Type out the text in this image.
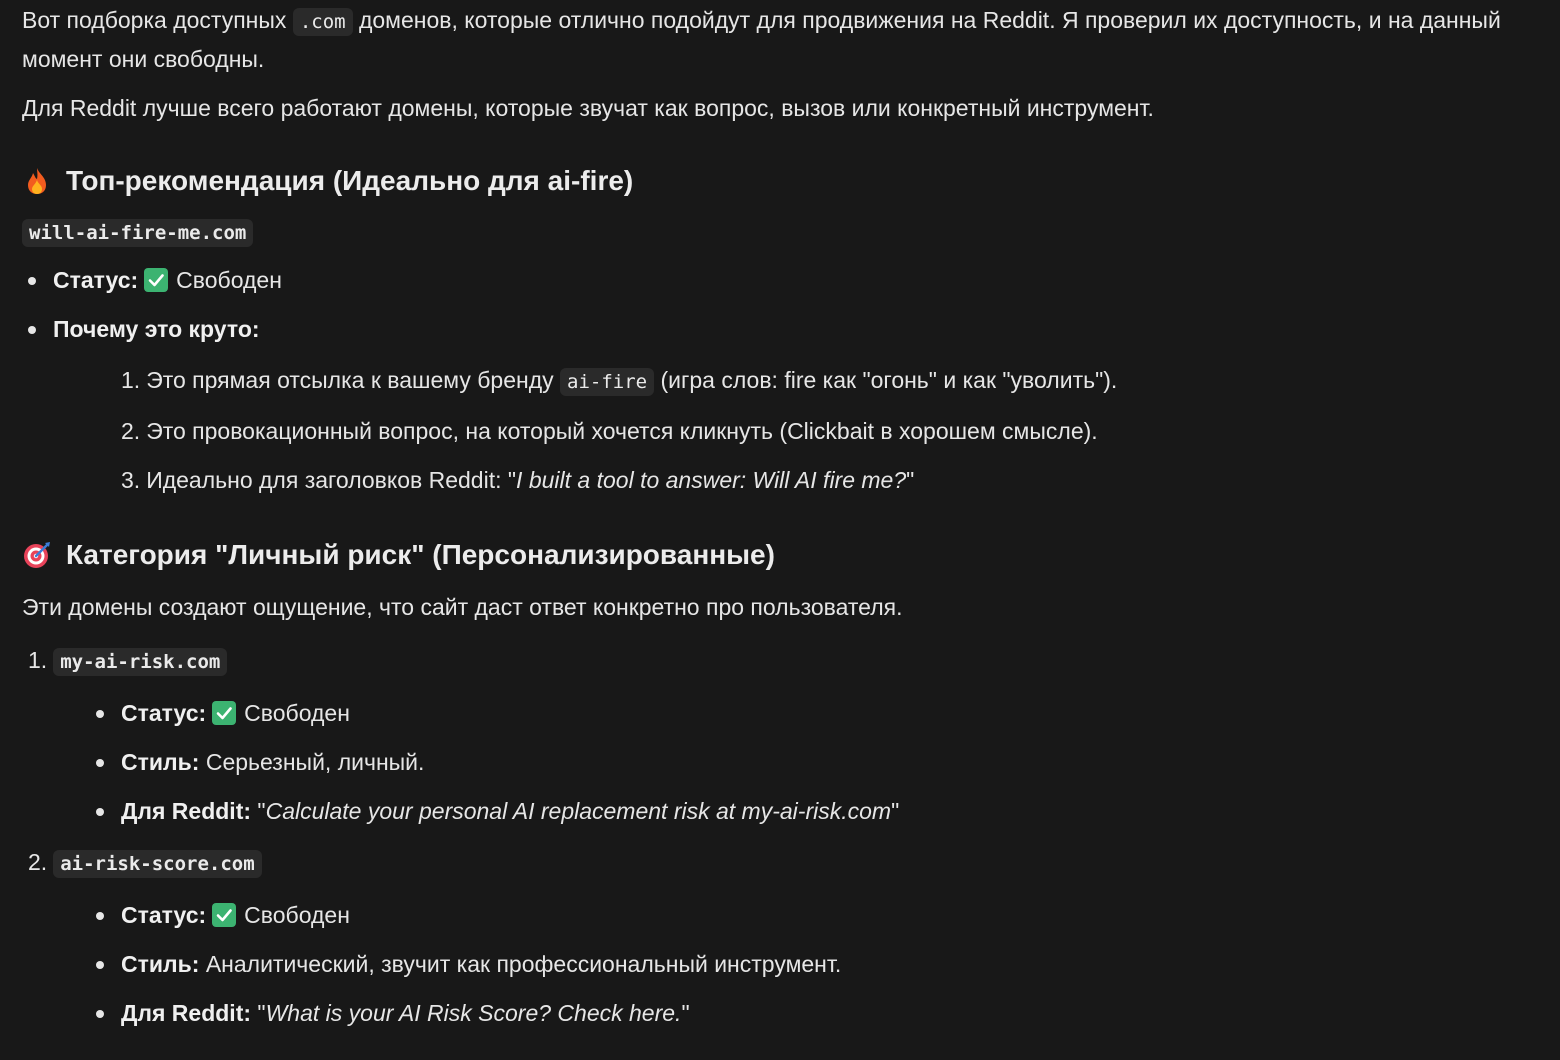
Вот подборка доступных .com доменов, которые отлично подойдут для продвижения на Reddit. Я проверил их доступность, и на данный момент они свободны.

Для Reddit лучше всего работают домены, которые звучат как вопрос, вызов или конкретный инструмент.

Топ-рекомендация (Идеально для ai-fire)
will-ai-fire-me.com
Статус: Свободен
Почему это круто:
1. Это прямая отсылка к вашему бренду ai-fire (игра слов: fire как "огонь" и как "уволить").
2. Это провокационный вопрос, на который хочется кликнуть (Clickbait в хорошем смысле).
3. Идеально для заголовков Reddit: "I built a tool to answer: Will AI fire me?"
Категория "Личный риск" (Персонализированные)

Эти домены создают ощущение, что сайт даст ответ конкретно про пользователя.

1. my-ai-risk.com
Статус: Свободен
Стиль: Серьезный, личный.
Для Reddit: "Calculate your personal AI replacement risk at my-ai-risk.com"
2. ai-risk-score.com
Статус: Свободен
Стиль: Аналитический, звучит как профессиональный инструмент.
Для Reddit: "What is your AI Risk Score? Check here."
